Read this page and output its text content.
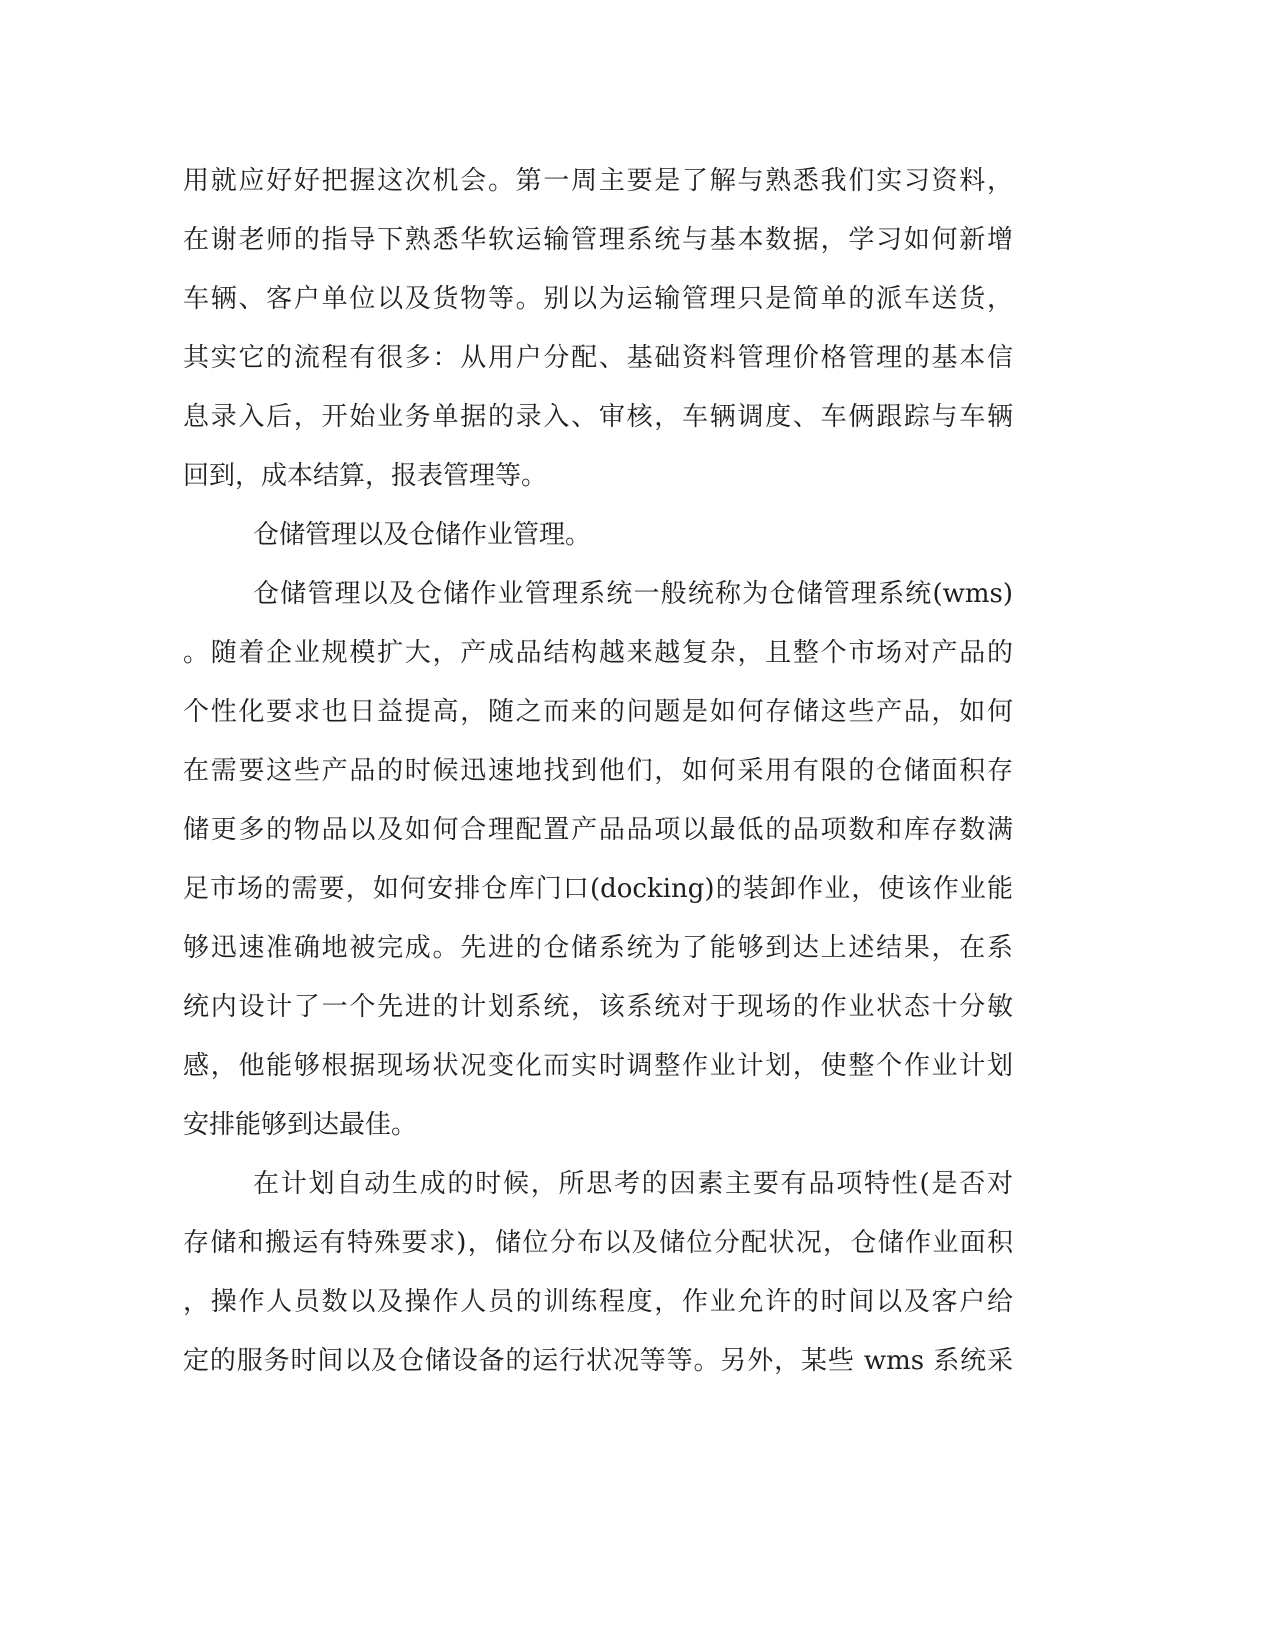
用就应好好把握这次机会。第一周主要是了解与熟悉我们实习资料，
在谢老师的指导下熟悉华软运输管理系统与基本数据，学习如何新增
车辆、客户单位以及货物等。别以为运输管理只是简单的派车送货，
其实它的流程有很多：从用户分配、基础资料管理价格管理的基本信
息录入后，开始业务单据的录入、审核，车辆调度、车俩跟踪与车辆
回到，成本结算，报表管理等。
仓储管理以及仓储作业管理。
仓储管理以及仓储作业管理系统一般统称为仓储管理系统(wms)
。随着企业规模扩大，产成品结构越来越复杂，且整个市场对产品的
个性化要求也日益提高，随之而来的问题是如何存储这些产品，如何
在需要这些产品的时候迅速地找到他们，如何采用有限的仓储面积存
储更多的物品以及如何合理配置产品品项以最低的品项数和库存数满
足市场的需要，如何安排仓库门口(docking)的装卸作业，使该作业能
够迅速准确地被完成。先进的仓储系统为了能够到达上述结果，在系
统内设计了一个先进的计划系统，该系统对于现场的作业状态十分敏
感，他能够根据现场状况变化而实时调整作业计划，使整个作业计划
安排能够到达最佳。
在计划自动生成的时候，所思考的因素主要有品项特性(是否对
存储和搬运有特殊要求)，储位分布以及储位分配状况，仓储作业面积
，操作人员数以及操作人员的训练程度，作业允许的时间以及客户给
定的服务时间以及仓储设备的运行状况等等。另外，某些 wms 系统采
